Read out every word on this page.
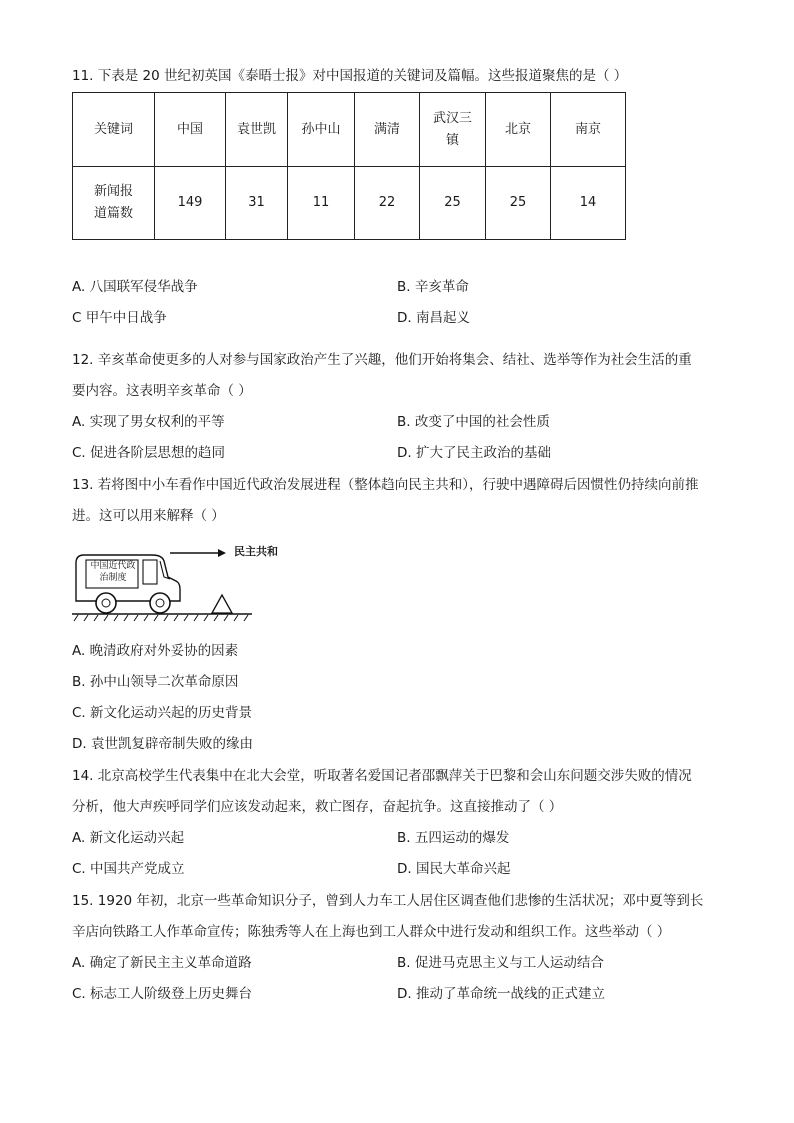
11. 下表是 20 世纪初英国《泰晤士报》对中国报道的关键词及篇幅。这些报道聚焦的是（ ）
关键词	中国	袁世凯	孙中山	满清	武汉三镇	北京	南京
新闻报道篇数	149	31	11	22	25	25	14
A. 八国联军侵华战争	B. 辛亥革命
C 甲午中日战争	D. 南昌起义
12. 辛亥革命使更多的人对参与国家政治产生了兴趣，他们开始将集会、结社、选举等作为社会生活的重
要内容。这表明辛亥革命（ ）
A. 实现了男女权利的平等	B. 改变了中国的社会性质
C. 促进各阶层思想的趋同	D. 扩大了民主政治的基础
13. 若将图中小车看作中国近代政治发展进程（整体趋向民主共和），行驶中遇障碍后因惯性仍持续向前推
进。这可以用来解释（ ）
中国近代政治制度
民主共和
A. 晚清政府对外妥协的因素
B. 孙中山领导二次革命原因
C. 新文化运动兴起的历史背景
D. 袁世凯复辟帝制失败的缘由
14. 北京高校学生代表集中在北大会堂，听取著名爱国记者邵飘萍关于巴黎和会山东问题交涉失败的情况
分析，他大声疾呼同学们应该发动起来，救亡图存，奋起抗争。这直接推动了（ ）
A. 新文化运动兴起	B. 五四运动的爆发
C. 中国共产党成立	D. 国民大革命兴起
15. 1920 年初，北京一些革命知识分子，曾到人力车工人居住区调查他们悲惨的生活状况；邓中夏等到长
辛店向铁路工人作革命宣传；陈独秀等人在上海也到工人群众中进行发动和组织工作。这些举动（ ）
A. 确定了新民主主义革命道路	B. 促进马克思主义与工人运动结合
C. 标志工人阶级登上历史舞台	D. 推动了革命统一战线的正式建立
